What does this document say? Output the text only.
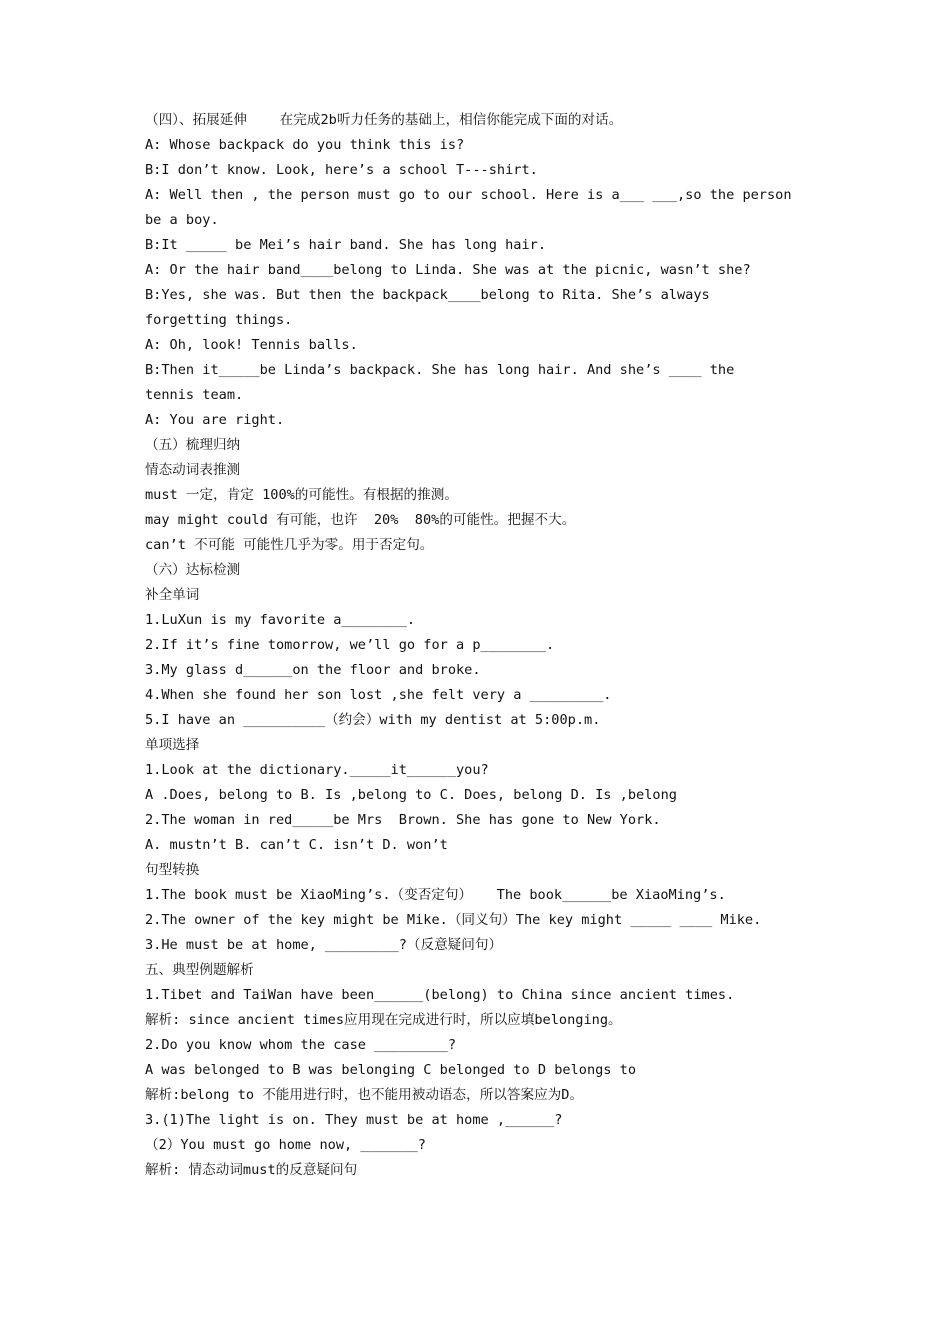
（四）、拓展延伸    在完成2b听力任务的基础上，相信你能完成下面的对话。
A: Whose backpack do you think this is?
B:I don’t know. Look, here’s a school T---shirt.
A: Well then , the person must go to our school. Here is a___ ___,so the person
be a boy.
B:It _____ be Mei’s hair band. She has long hair.
A: Or the hair band____belong to Linda. She was at the picnic, wasn’t she?
B:Yes, she was. But then the backpack____belong to Rita. She’s always
forgetting things.
A: Oh, look! Tennis balls.
B:Then it_____be Linda’s backpack. She has long hair. And she’s ____ the
tennis team.
A: You are right.
（五）梳理归纳
情态动词表推测
must 一定，肯定 100%的可能性。有根据的推测。
may might could 有可能，也许  20%  80%的可能性。把握不大。
can’t 不可能 可能性几乎为零。用于否定句。
（六）达标检测
补全单词
1.LuXun is my favorite a________.
2.If it’s fine tomorrow, we’ll go for a p________.
3.My glass d______on the floor and broke.
4.When she found her son lost ,she felt very a _________.
5.I have an __________（约会）with my dentist at 5:00p.m.
单项选择
1.Look at the dictionary._____it______you?
A .Does, belong to B. Is ,belong to C. Does, belong D. Is ,belong
2.The woman in red_____be Mrs  Brown. She has gone to New York.
A. mustn’t B. can’t C. isn’t D. won’t
句型转换
1.The book must be XiaoMing’s.（变否定句）   The book______be XiaoMing’s.
2.The owner of the key might be Mike.（同义句）The key might _____ ____ Mike.
3.He must be at home, _________?（反意疑问句）
五、典型例题解析
1.Tibet and TaiWan have been______(belong) to China since ancient times.
解析: since ancient times应用现在完成进行时，所以应填belonging。
2.Do you know whom the case _________?
A was belonged to B was belonging C belonged to D belongs to
解析:belong to 不能用进行时，也不能用被动语态，所以答案应为D。
3.(1)The light is on. They must be at home ,______?
（2）You must go home now, _______?
解析: 情态动词must的反意疑问句
